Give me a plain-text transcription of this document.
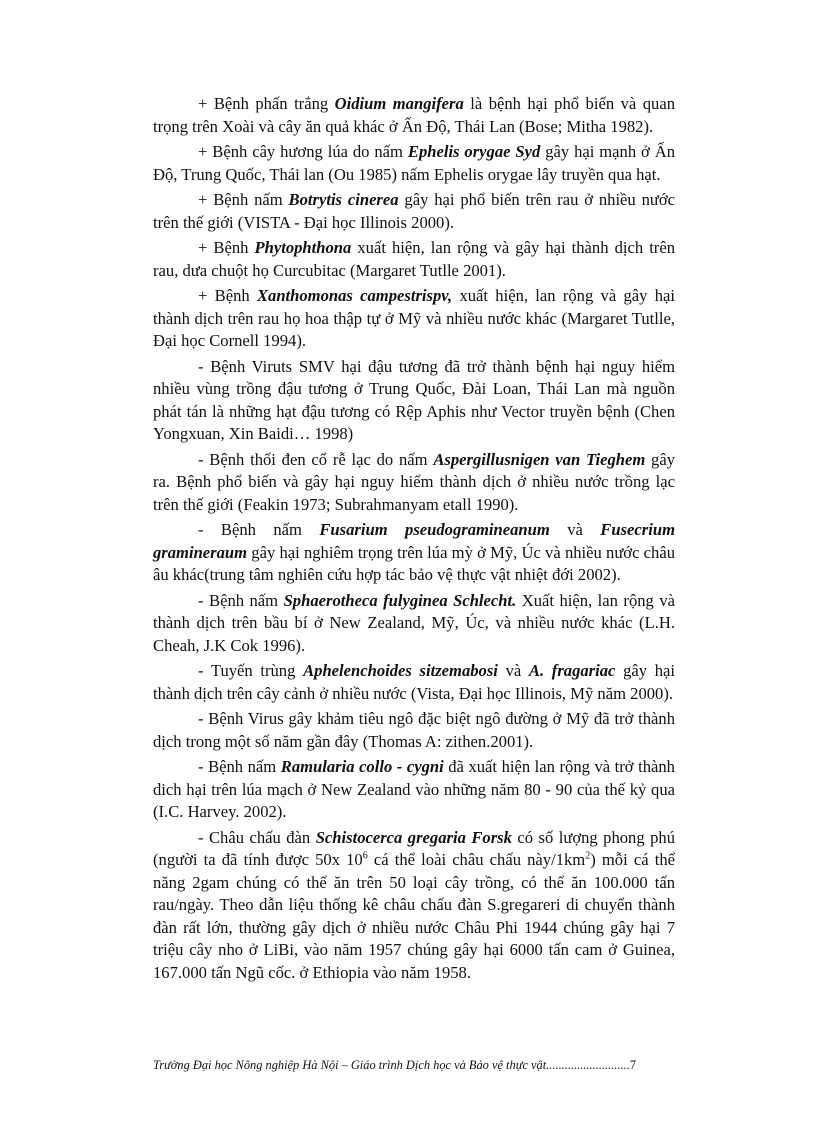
+ Bệnh phấn trắng Oidium mangifera là bệnh hại phổ biến và quan trọng trên Xoài và cây ăn quả khác ở Ấn Độ, Thái Lan (Bose; Mitha 1982).

+ Bệnh cây hương lúa do nấm Ephelis orygae Syd gây hại mạnh ở Ấn Độ, Trung Quốc, Thái lan (Ou 1985) nấm Ephelis orygae lây truyền qua hạt.

+ Bệnh nấm Botrytis cinerea gây hại phổ biến trên rau ở nhiều nước trên thế giới (VISTA - Đại học Illinois 2000).

+ Bệnh Phytophthona xuất hiện, lan rộng và gây hại thành dịch trên rau, dưa chuột họ Curcubitac (Margaret Tutlle 2001).

+ Bệnh Xanthomonas campestrispv, xuất hiện, lan rộng và gây hại thành dịch trên rau họ hoa thập tự ở Mỹ và nhiều nước khác (Margaret Tutlle, Đại học Cornell 1994).

- Bệnh Viruts SMV hại đậu tương đã trở thành bệnh hại nguy hiểm nhiều vùng trồng đậu tương ở Trung Quốc, Đài Loan, Thái Lan mà nguồn phát tán là những hạt đậu tương có Rệp Aphis như Vector truyền bệnh (Chen Yongxuan, Xin Baidi… 1998)

- Bệnh thối đen cổ rễ lạc do nấm Aspergillusnigen van Tieghem gây ra. Bệnh phổ biến và gây hại nguy hiểm thành dịch ở nhiều nước trồng lạc trên thế giới (Feakin 1973; Subrahmanyam etall 1990).

- Bệnh nấm Fusarium pseudogramineanum và Fusecrium gramineraum gây hại nghiêm trọng trên lúa mỳ ở Mỹ, Úc và nhiều nước châu âu khác(trung tâm nghiên cứu hợp tác bảo vệ thực vật nhiệt đới 2002).

- Bệnh nấm Sphaerotheca fulyginea Schlecht. Xuất hiện, lan rộng và thành dịch trên bầu bí ở New Zealand, Mỹ, Úc, và nhiều nước khác (L.H. Cheah, J.K Cok 1996).

- Tuyến trùng Aphelenchoides sitzemabosi và A. fragariac gây hại thành dịch trên cây cảnh ở nhiều nước (Vista, Đại học Illinois, Mỹ năm 2000).

- Bệnh Virus gây khảm tiêu ngô đặc biệt ngô đường ở Mỹ đã trở thành dịch trong một số năm gần đây (Thomas A: zithen.2001).

- Bệnh nấm Ramularia collo - cygni đã xuất hiện lan rộng và trở thành dich hại trên lúa mạch ở New Zealand vào những năm 80 - 90 của thế kỷ qua (I.C. Harvey. 2002).

- Châu chấu đàn Schistocerca gregaria Forsk có số lượng phong phú (người ta đã tính được 50x $10^6$ cá thể loài châu chấu này/$1km^2$) mỗi cá thể năng 2gam chúng có thể ăn trên 50 loại cây trồng, có thể ăn 100.000 tấn rau/ngày. Theo dẫn liệu thống kê châu chấu đàn S.gregareri di chuyển thành đàn rất lớn, thường gây dịch ở nhiều nước Châu Phi 1944 chúng gây hại 7 triệu cây nho ở LiBi, vào năm 1957 chúng gây hại 6000 tấn cam ở Guinea, 167.000 tấn Ngũ cốc. ở Ethiopia vào năm 1958.

Trường Đại học Nông nghiệp Hà Nội – Giáo trình Dịch học và Bảo vệ thực vật...........................7
